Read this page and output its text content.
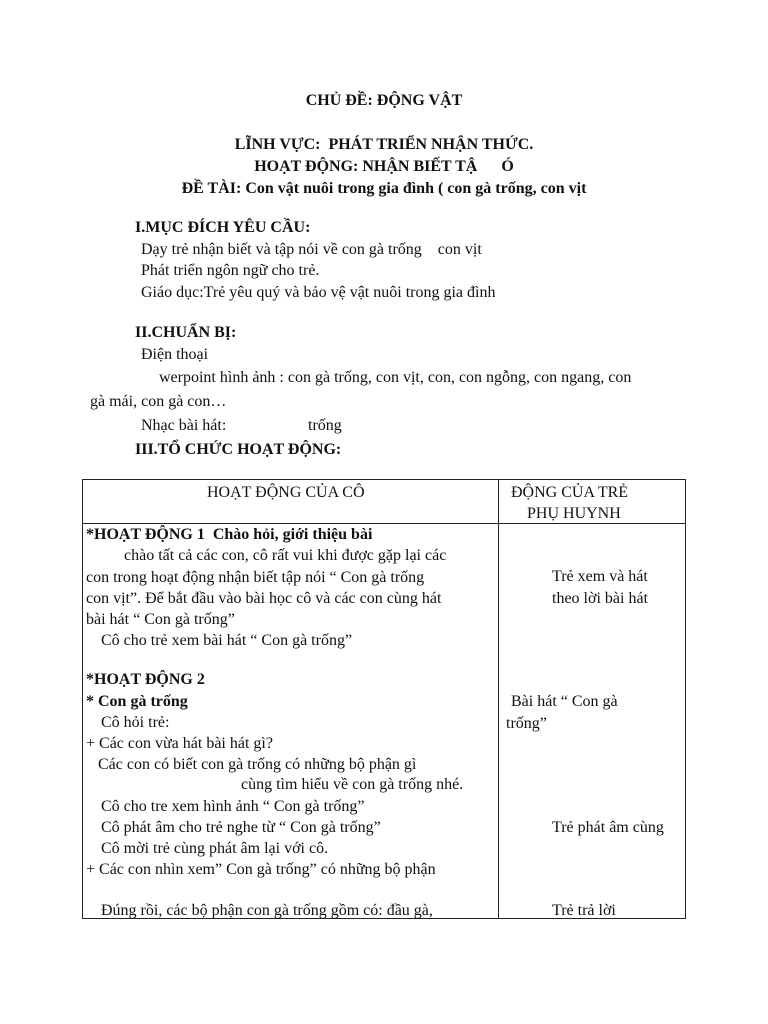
CHỦ ĐỀ: ĐỘNG VẬT
LĨNH VỰC:  PHÁT TRIỂN NHẬN THỨC.
HOẠT ĐỘNG: NHẬN BIẾT TẬ      Ó
ĐỀ TÀI: Con vật nuôi trong gia đình ( con gà trống, con vịt
I.MỤC ĐÍCH YÊU CẦU:
Dạy trẻ nhận biết và tập nói về con gà trống    con vịt
Phát triển ngôn ngữ cho trẻ.
Giáo dục:Trẻ yêu quý và bảo vệ vật nuôi trong gia đình
II.CHUẨN BỊ:
Điện thoại
werpoint hình ảnh : con gà trống, con vịt, con, con ngỗng, con ngang, con
gà mái, con gà con…
Nhạc bài hát:	trống
III.TỔ CHỨC HOẠT ĐỘNG:
HOẠT ĐỘNG CỦA CÔ	ĐỘNG CỦA TRẺ
PHỤ HUYNH
*HOẠT ĐỘNG 1  Chào hỏi, giới thiệu bài
chào tất cả các con, cô rất vui khi được gặp lại các
con trong hoạt động nhận biết tập nói “ Con gà trống
con vịt”. Để bắt đầu vào bài học cô và các con cùng hát
bài hát “ Con gà trống”
Cô cho trẻ xem bài hát “ Con gà trống”
*HOẠT ĐỘNG 2
* Con gà trống
Cô hỏi trẻ:
+ Các con vừa hát bài hát gì?
Các con có biết con gà trống có những bộ phận gì
cùng tìm hiểu về con gà trống nhé.
Cô cho tre xem hình ảnh “ Con gà trống”
Cô phát âm cho trẻ nghe từ “ Con gà trống”
Cô mời trẻ cùng phát âm lại với cô.
+ Các con nhìn xem” Con gà trống” có những bộ phận
Đúng rồi, các bộ phận con gà trống gồm có: đầu gà,
Trẻ xem và hát
theo lời bài hát
Bài hát “ Con gà
trống”
Trẻ phát âm cùng
Trẻ trả lời
